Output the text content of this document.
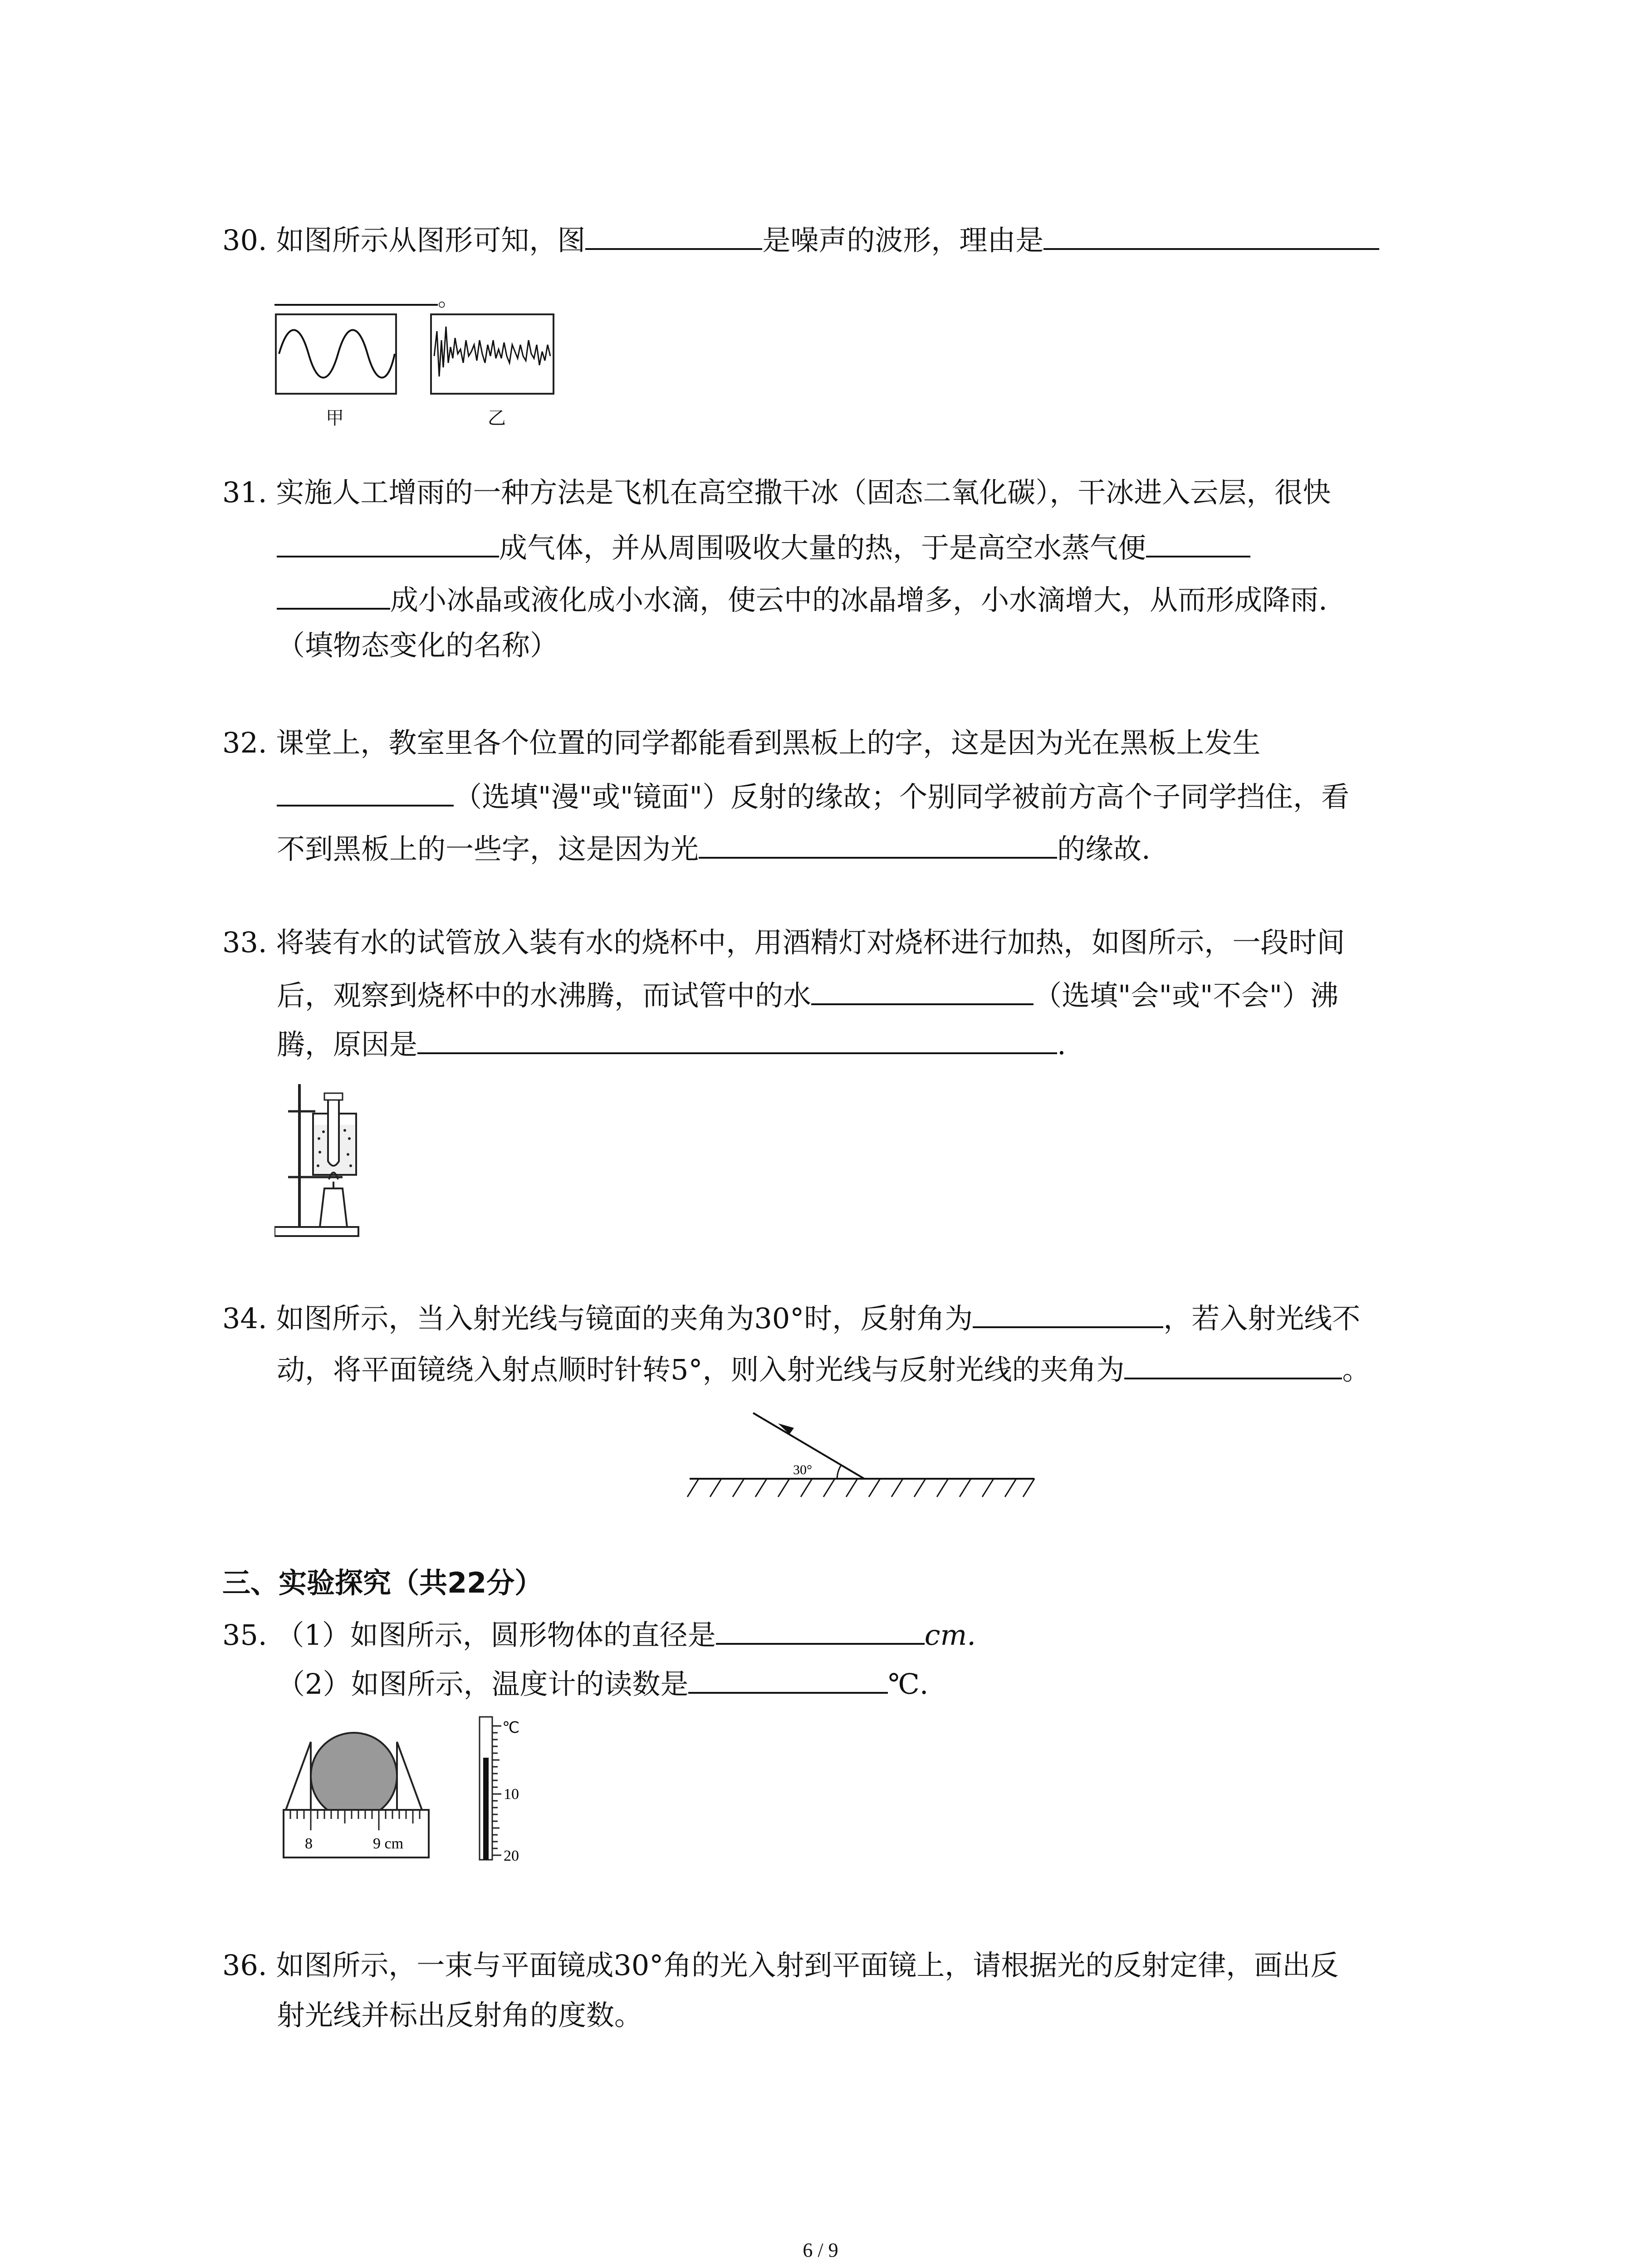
30. 如图所示从图形可知，图	是噪声的波形，理由是
。
甲	乙
31. 实施人工增雨的一种方法是飞机在高空撒干冰（固态二氧化碳），干冰进入云层，很快
成气体，并从周围吸收大量的热，于是高空水蒸气便
成小冰晶或液化成小水滴，使云中的冰晶增多，小水滴增大，从而形成降雨.
（填物态变化的名称）
32. 课堂上，教室里各个位置的同学都能看到黑板上的字，这是因为光在黑板上发生
（选填"漫"或"镜面"）反射的缘故；个别同学被前方高个子同学挡住，看
不到黑板上的一些字，这是因为光	的缘故.
33. 将装有水的试管放入装有水的烧杯中，用酒精灯对烧杯进行加热，如图所示，一段时间
后，观察到烧杯中的水沸腾，而试管中的水	（选填"会"或"不会"）沸
腾，原因是	.
34. 如图所示，当入射光线与镜面的夹角为30°时，反射角为	，若入射光线不
动，将平面镜绕入射点顺时针转5°，则入射光线与反射光线的夹角为	。
30°
三、实验探究（共22分）
35. （1）如图所示，圆形物体的直径是	cm.
（2）如图所示，温度计的读数是	℃.
8	9 cm
℃
10
20
36. 如图所示，一束与平面镜成30°角的光入射到平面镜上，请根据光的反射定律，画出反
射光线并标出反射角的度数。
6 / 9
